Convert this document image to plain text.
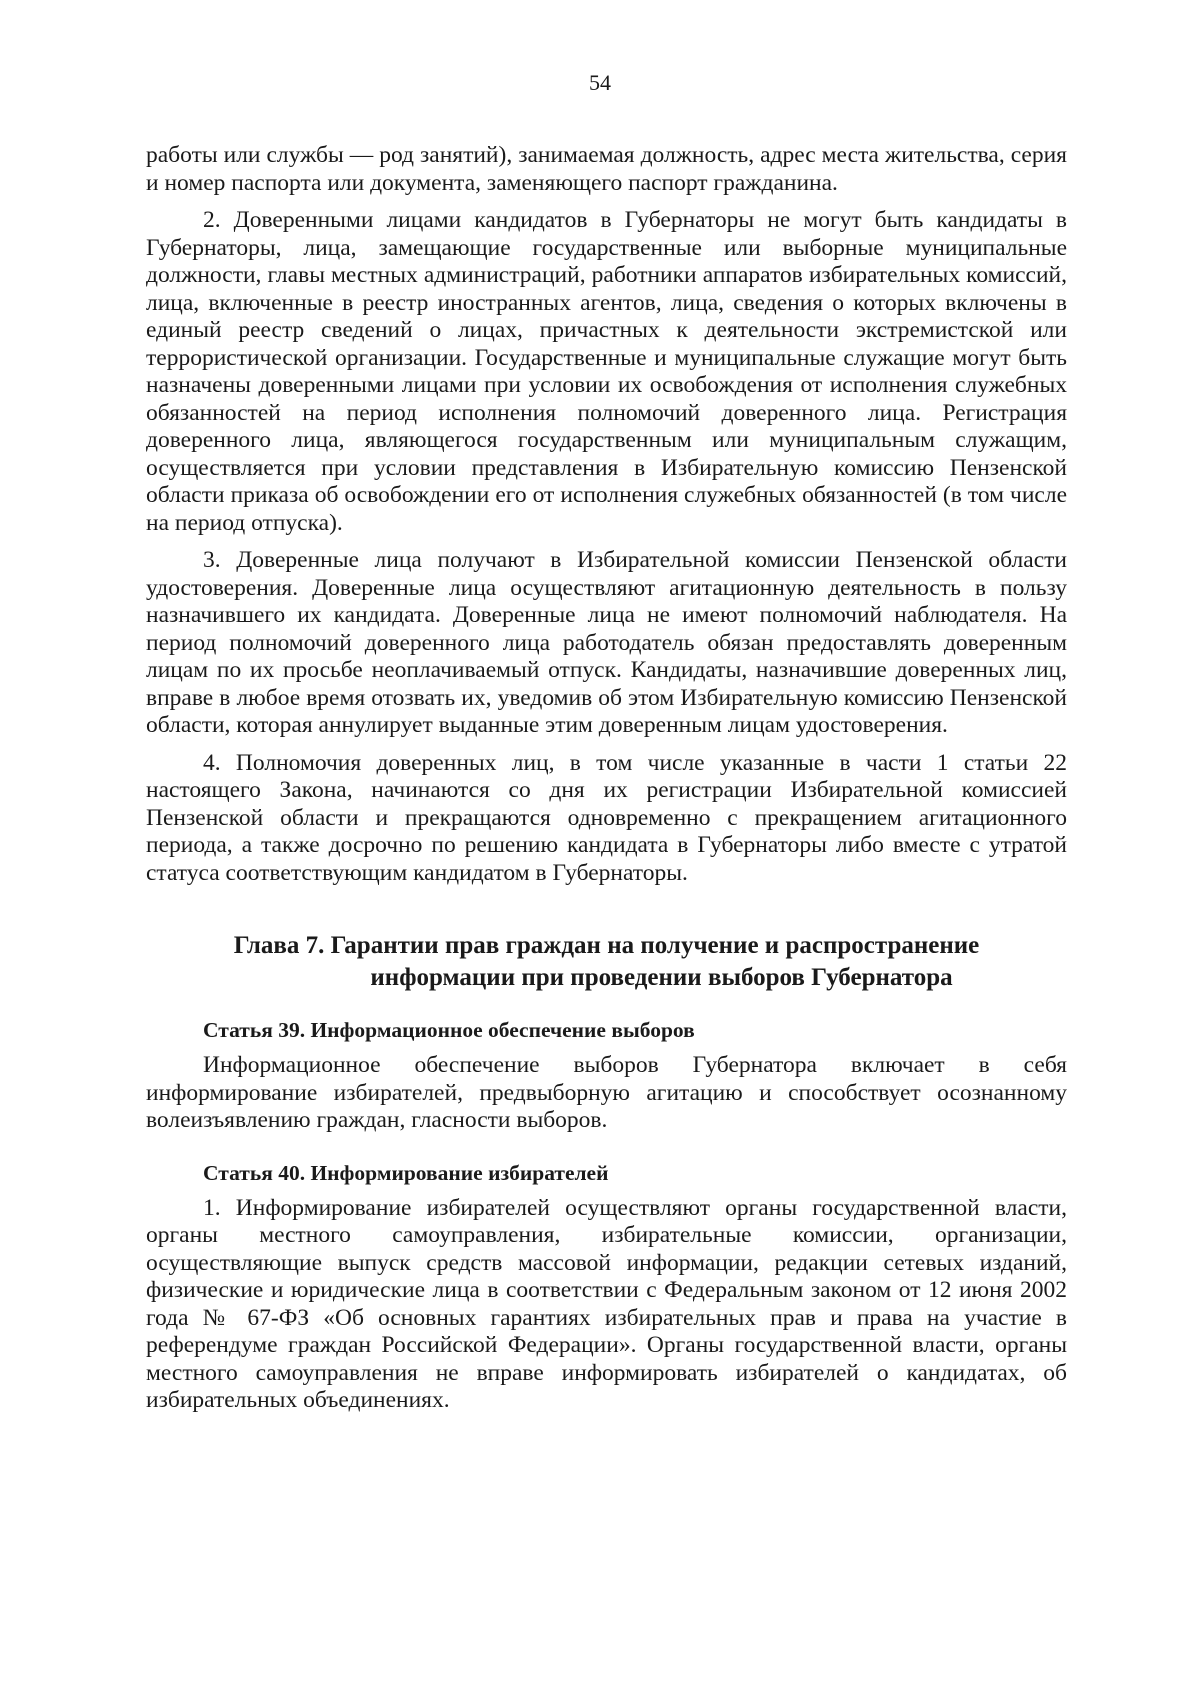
54

работы или службы — род занятий), занимаемая должность, адрес места жительства, серия и номер паспорта или документа, заменяющего паспорт гражданина.

2. Доверенными лицами кандидатов в Губернаторы не могут быть кандидаты в Губернаторы, лица, замещающие государственные или выборные муниципальные должности, главы местных администраций, работники аппаратов избирательных комиссий, лица, включенные в реестр иностранных агентов, лица, сведения о которых включены в единый реестр сведений о лицах, причастных к деятельности экстремистской или террористической организации. Государственные и муниципальные служащие могут быть назначены доверенными лицами при условии их освобождения от исполнения служебных обязанностей на период исполнения полномочий доверенного лица. Регистрация доверенного лица, являющегося государственным или муниципальным служащим, осуществляется при условии представления в Избирательную комиссию Пензенской области приказа об освобождении его от исполнения служебных обязанностей (в том числе на период отпуска).

3. Доверенные лица получают в Избирательной комиссии Пензенской области удостоверения. Доверенные лица осуществляют агитационную деятельность в пользу назначившего их кандидата. Доверенные лица не имеют полномочий наблюдателя. На период полномочий доверенного лица работодатель обязан предоставлять доверенным лицам по их просьбе неоплачиваемый отпуск. Кандидаты, назначившие доверенных лиц, вправе в любое время отозвать их, уведомив об этом Избирательную комиссию Пензенской области, которая аннулирует выданные этим доверенным лицам удостоверения.

4. Полномочия доверенных лиц, в том числе указанные в части 1 статьи 22 настоящего Закона, начинаются со дня их регистрации Избирательной комиссией Пензенской области и прекращаются одновременно с прекращением агитационного периода, а также досрочно по решению кандидата в Губернаторы либо вместе с утратой статуса соответствующим кандидатом в Губернаторы.

Глава 7. Гарантии прав граждан на получение и распространение
информации при проведении выборов Губернатора
Статья 39. Информационное обеспечение выборов

Информационное обеспечение выборов Губернатора включает в себя информирование избирателей, предвыборную агитацию и способствует осознанному волеизъявлению граждан, гласности выборов.

Статья 40. Информирование избирателей

1. Информирование избирателей осуществляют органы государственной власти, органы местного самоуправления, избирательные комиссии, организации, осуществляющие выпуск средств массовой информации, редакции сетевых изданий, физические и юридические лица в соответствии с Федеральным законом от 12 июня 2002 года № 67-ФЗ «Об основных гарантиях избирательных прав и права на участие в референдуме граждан Российской Федерации». Органы государственной власти, органы местного самоуправления не вправе информировать избирателей о кандидатах, об избирательных объединениях.
